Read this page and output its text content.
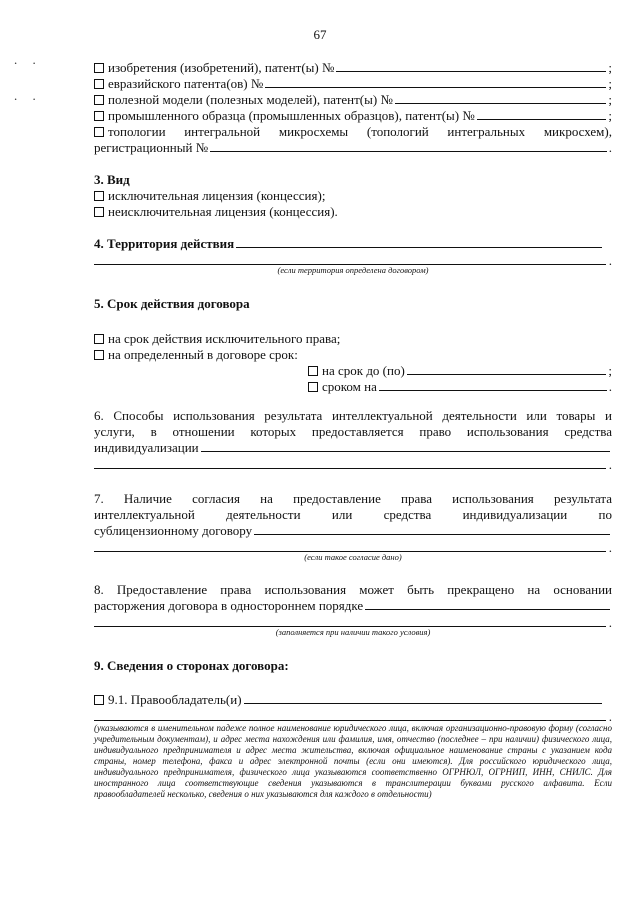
67
. .
. .
изобретения (изобретений), патент(ы) №	;
евразийского патента(ов) №	;
полезной модели (полезных моделей), патент(ы) №	;
промышленного образца (промышленных образцов), патент(ы) №	;
топологии интегральной микросхемы (топологий интегральных микросхем),
регистрационный №	.
3. Вид
исключительная лицензия (концессия);
неисключительная лицензия (концессия).
4. Территория действия
.
(если территория определена договором)
5. Срок действия договора
на срок действия исключительного права;
на определенный в договоре срок:
на срок до (по)	;
сроком на	.
6. Способы использования результата интеллектуальной деятельности или товары и
услуги, в отношении которых предоставляется право использования средства
индивидуализации
.
7. Наличие согласия на предоставление права использования результата
интеллектуальной деятельности или средства индивидуализации по
сублицензионному договору
.
(если такое согласие дано)
8. Предоставление права использования может быть прекращено на основании
расторжения договора в одностороннем порядке
.
(заполняется при наличии такого условия)
9. Сведения о сторонах договора:
9.1. Правообладатель(и)
.
(указываются в именительном падеже полное наименование юридического лица, включая организационно-правовую форму (согласно учредительным документам), и адрес места нахождения или фамилия, имя, отчество (последнее – при наличии) физического лица, индивидуального предпринимателя и адрес места жительства, включая официальное наименование страны с указанием кода страны, номер телефона, факса и адрес электронной почты (если они имеются). Для российского юридического лица, индивидуального предпринимателя, физического лица указываются соответственно ОГРНЮЛ, ОГРНИП, ИНН, СНИЛС. Для иностранного лица соответствующие сведения указываются в транслитерации буквами русского алфавита. Если правообладателей несколько, сведения о них указываются для каждого в отдельности)
